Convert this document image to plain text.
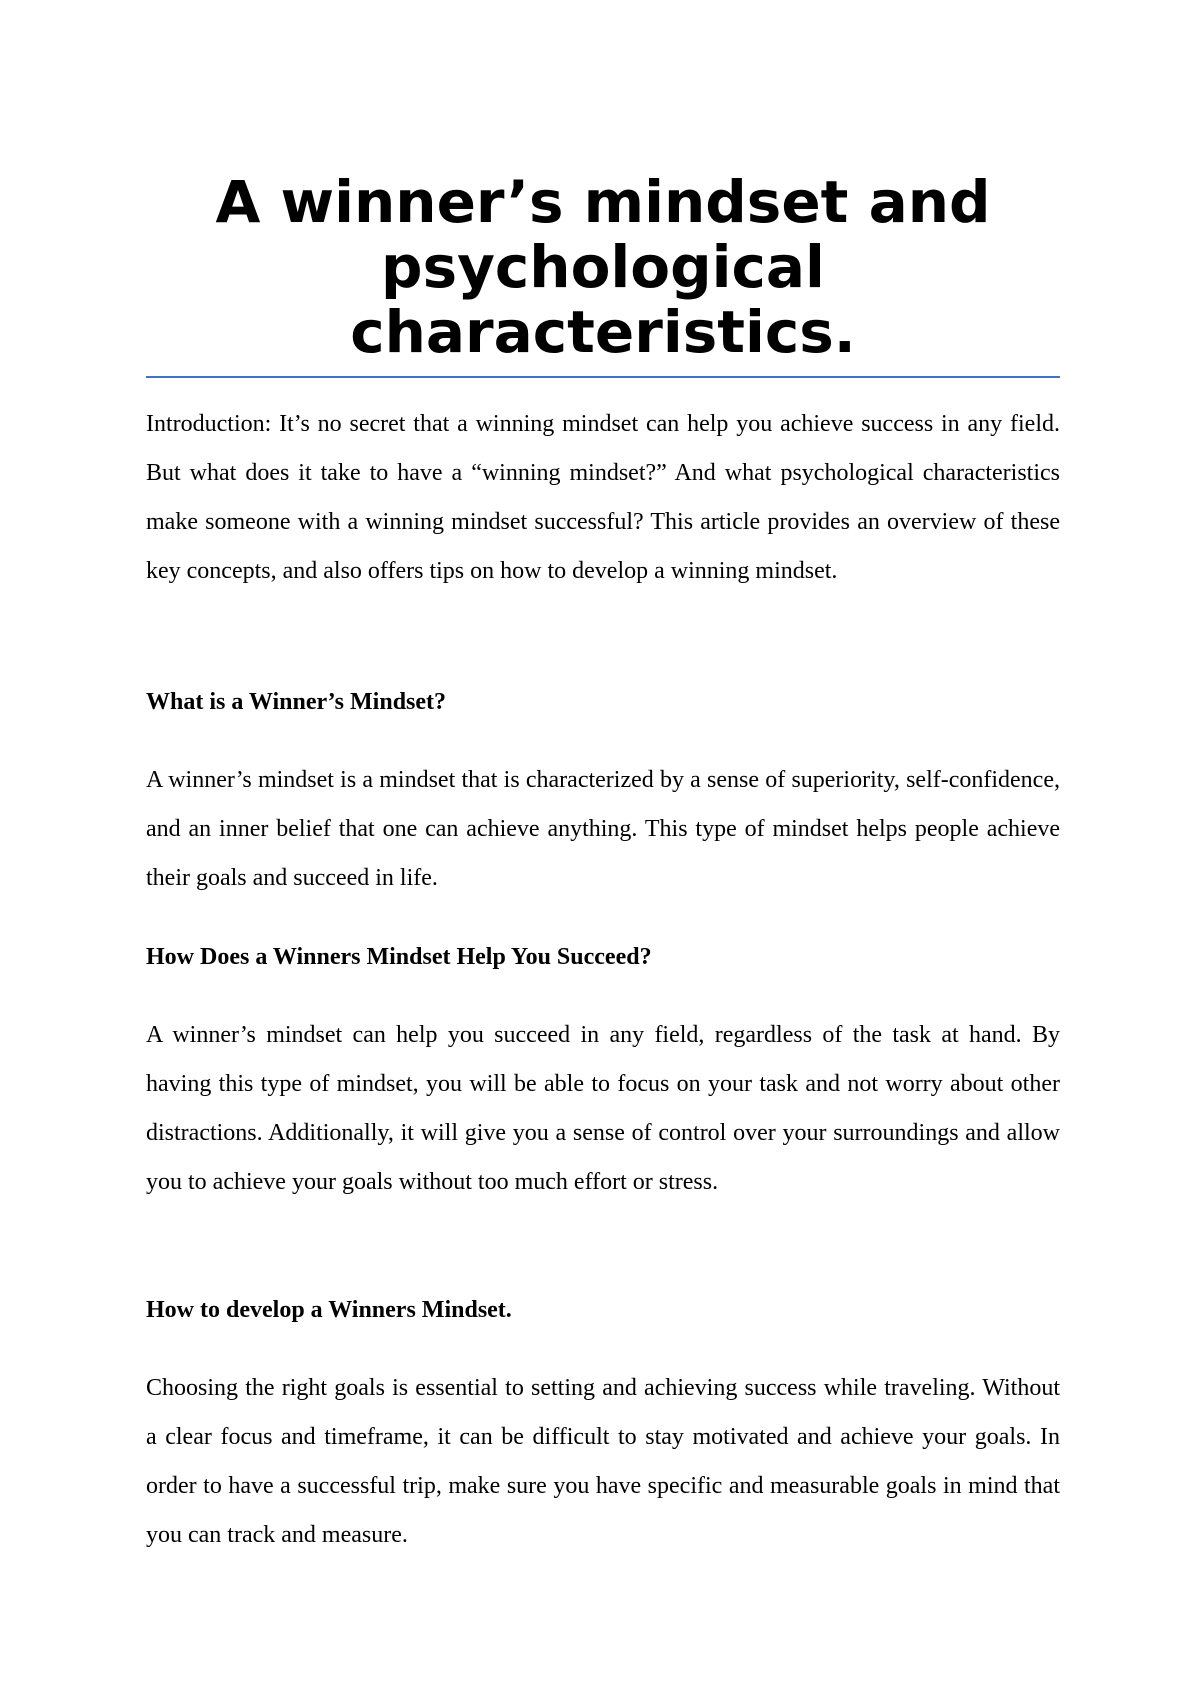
A winner’s mindset and psychological characteristics.

Introduction: It’s no secret that a winning mindset can help you achieve success in any field. But what does it take to have a “winning mindset?” And what psychological characteristics make someone with a winning mindset successful? This article provides an overview of these key concepts, and also offers tips on how to develop a winning mindset.

What is a Winner’s Mindset?

A winner’s mindset is a mindset that is characterized by a sense of superiority, self-confidence, and an inner belief that one can achieve anything. This type of mindset helps people achieve their goals and succeed in life.

How Does a Winners Mindset Help You Succeed?

A winner’s mindset can help you succeed in any field, regardless of the task at hand. By having this type of mindset, you will be able to focus on your task and not worry about other distractions. Additionally, it will give you a sense of control over your surroundings and allow you to achieve your goals without too much effort or stress.

How to develop a Winners Mindset.

Choosing the right goals is essential to setting and achieving success while traveling. Without a clear focus and timeframe, it can be difficult to stay motivated and achieve your goals. In order to have a successful trip, make sure you have specific and measurable goals in mind that you can track and measure.
